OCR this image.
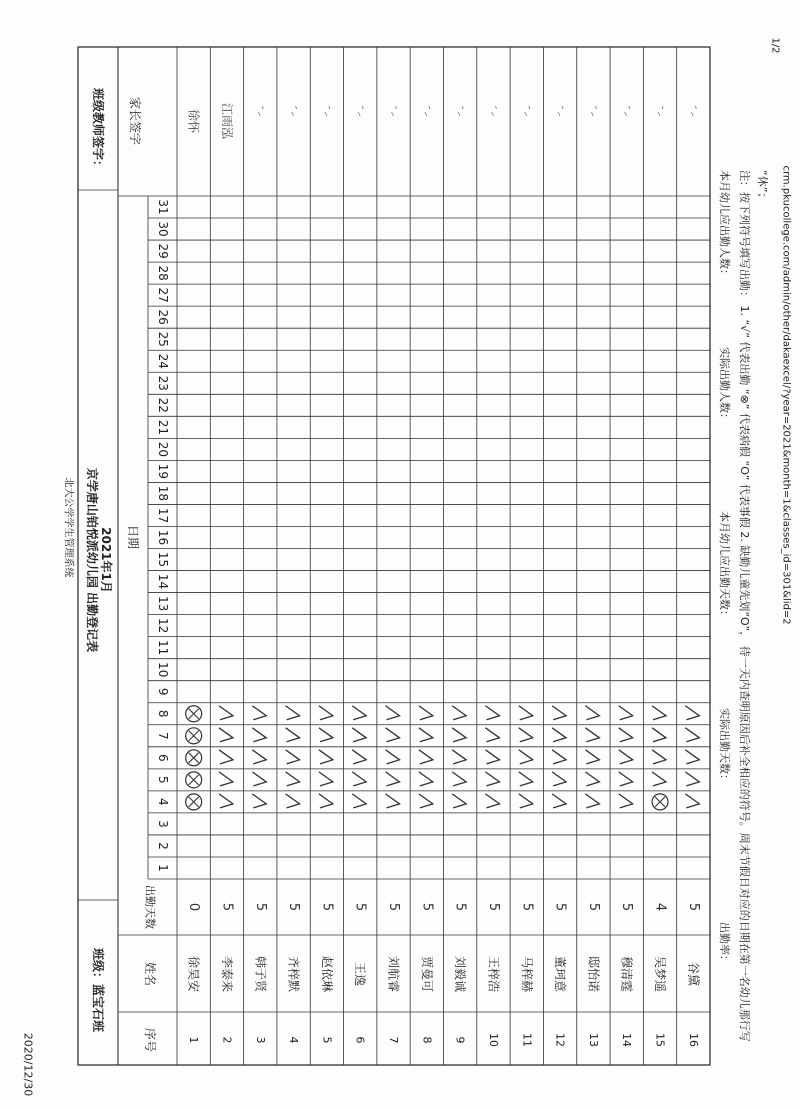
班级：蓝宝石班
京学唐山铂悦派幼儿园 出勤登记表 2021年1月
班级教师签字：
序号
姓名
出勤天数
日期
家长签字
1
2
3
4
5
6
7
8
9
10
11
12
13
14
15
16
17
18
19
20
21
22
23
24
25
26
27
28
29
30
31
1
徐昊安
0
徐怀
2
李泰来
5
江雨泓
3
韩子贤
5
4
齐梓默
5
5
赵依琳
5
6
王逸
5
7
刘航睿
5
8
贾曼可
5
9
刘毅诚
5
10
王梓浩
5
11
马梓赫
5
12
董珂意
5
13
邸怡诺
5
14
穆清霆
5
15
吴梦遥
4
16
谷黛
5
2020/12/30
北大公学学生管理系统
1/2
crm.pkucollege.com/admin/other/dakaexcel/?year=2021&month=1&classes_id=301&lid=2
本月幼儿应出勤人数：  实际出勤人数：  本月幼儿应出勤天数：  实际出勤天数：  出勤率： 注：按下列符号填写出勤： 1. “√” 代表出勤 “⊗” 代表病假 “O” 代表事假 2. 缺勤儿童先划“O”， 待一天内查明原因后补全相应的符号。周末节假日对应的日期在第一名幼儿那行写 “休”；
